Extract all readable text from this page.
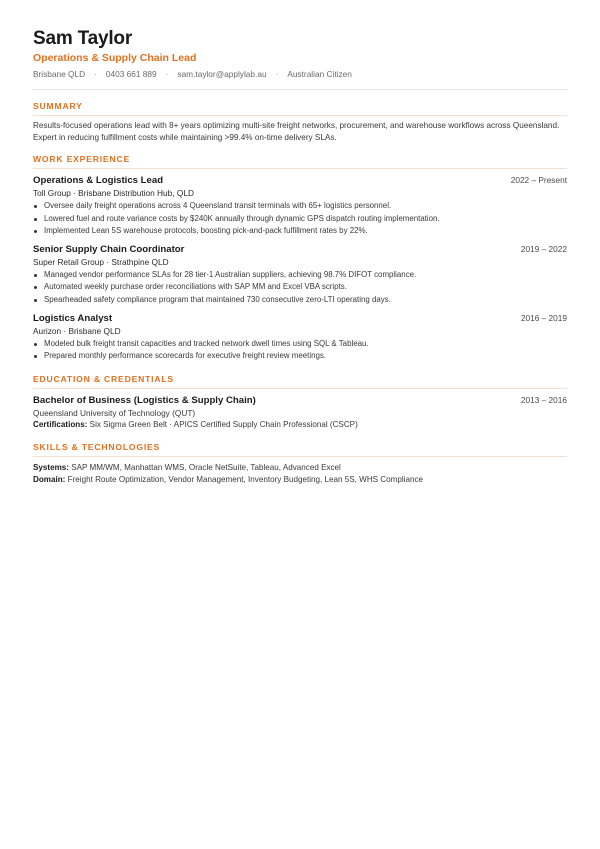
Sam Taylor
Operations & Supply Chain Lead
Brisbane QLD · 0403 661 889 · sam.taylor@applylab.au · Australian Citizen
SUMMARY
Results-focused operations lead with 8+ years optimizing multi-site freight networks, procurement, and warehouse workflows across Queensland. Expert in reducing fulfillment costs while maintaining >99.4% on-time delivery SLAs.
WORK EXPERIENCE
Operations & Logistics Lead	2022 – Present
Toll Group · Brisbane Distribution Hub, QLD
Oversee daily freight operations across 4 Queensland transit terminals with 65+ logistics personnel.
Lowered fuel and route variance costs by $240K annually through dynamic GPS dispatch routing implementation.
Implemented Lean 5S warehouse protocols, boosting pick-and-pack fulfillment rates by 22%.
Senior Supply Chain Coordinator	2019 – 2022
Super Retail Group · Strathpine QLD
Managed vendor performance SLAs for 28 tier-1 Australian suppliers, achieving 98.7% DIFOT compliance.
Automated weekly purchase order reconciliations with SAP MM and Excel VBA scripts.
Spearheaded safety compliance program that maintained 730 consecutive zero-LTI operating days.
Logistics Analyst	2016 – 2019
Aurizon · Brisbane QLD
Modeled bulk freight transit capacities and tracked network dwell times using SQL & Tableau.
Prepared monthly performance scorecards for executive freight review meetings.
EDUCATION & CREDENTIALS
Bachelor of Business (Logistics & Supply Chain)	2013 – 2016
Queensland University of Technology (QUT)
Certifications: Six Sigma Green Belt · APICS Certified Supply Chain Professional (CSCP)
SKILLS & TECHNOLOGIES
Systems: SAP MM/WM, Manhattan WMS, Oracle NetSuite, Tableau, Advanced Excel
Domain: Freight Route Optimization, Vendor Management, Inventory Budgeting, Lean 5S, WHS Compliance
